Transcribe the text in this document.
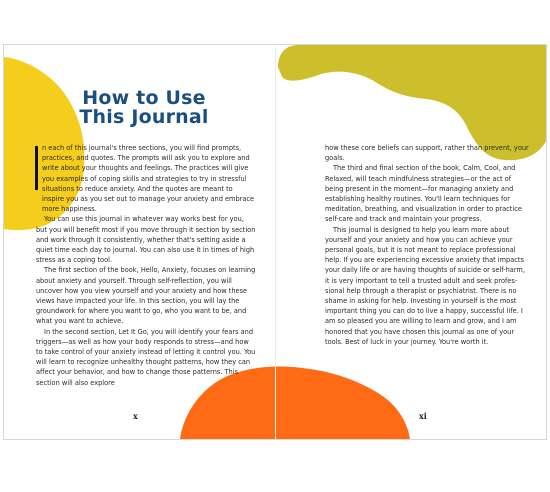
How to Use
This Journal

n each of this journal's three sections, you will find prompts, practices, and quotes. The prompts will ask you to explore and write about your thoughts and feelings. The practices will give you examples of coping skills and strategies to try in stressful situations to reduce anxiety. And the quotes are meant to inspire you as you set out to manage your anxiety and embrace more happiness.

You can use this journal in whatever way works best for you, but you will benefit most if you move through it section by section and work through it consistently, whether that's setting aside a quiet time each day to journal. You can also use it in times of high stress as a coping tool.

The first section of the book, Hello, Anxiety, focuses on learning about anxiety and yourself. Through self-reflection, you will uncover how you view yourself and your anxiety and how these views have impacted your life. In this section, you will lay the groundwork for where you want to go, who you want to be, and what you want to achieve.

In the second section, Let It Go, you will identify your fears and triggers—as well as how your body responds to stress—and how to take control of your anxiety instead of letting it control you. You will learn to recognize unhealthy thought patterns, how they can affect your behavior, and how to change those patterns. This section will also explore

x

how these core beliefs can support, rather than prevent, your goals.

The third and final section of the book, Calm, Cool, and Relaxed, will teach mindfulness strategies—or the act of being present in the moment—for managing anxiety and establishing healthy routines. You'll learn techniques for meditation, breathing, and visualization in order to practice self-care and track and maintain your progress.

This journal is designed to help you learn more about yourself and your anxiety and how you can achieve your personal goals, but it is not meant to replace professional help. If you are experiencing excessive anxiety that impacts your daily life or are having thoughts of suicide or self-harm, it is very important to tell a trusted adult and seek professional help through a therapist or psychiatrist. There is no shame in asking for help. Investing in yourself is the most important thing you can do to live a happy, successful life. I am so pleased you are willing to learn and grow, and I am honored that you have chosen this journal as one of your tools. Best of luck in your journey. You're worth it.

xi
